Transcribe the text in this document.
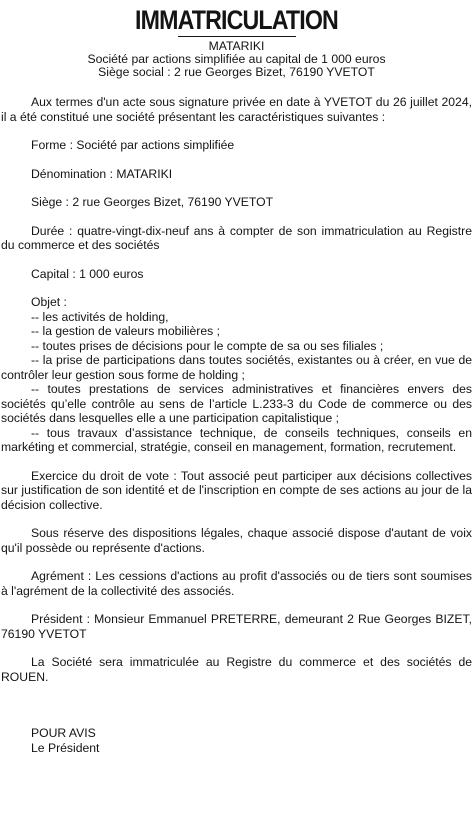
IMMATRICULATION

MATARIKI

Société par actions simplifiée au capital de 1 000 euros

Siège social : 2 rue Georges Bizet, 76190 YVETOT

Aux termes d'un acte sous signature privée en date à YVETOT du 26 juillet 2024, il a été constitué une société présentant les caractéristiques suivantes :

Forme : Société par actions simplifiée

Dénomination : MATARIKI

Siège : 2 rue Georges Bizet, 76190 YVETOT

Durée : quatre-vingt-dix-neuf ans à compter de son immatriculation au Registre du commerce et des sociétés

Capital : 1 000 euros

Objet :

-- les activités de holding,

-- la gestion de valeurs mobilières ;

-- toutes prises de décisions pour le compte de sa ou ses filiales ;

-- la prise de participations dans toutes sociétés, existantes ou à créer, en vue de contrôler leur gestion sous forme de holding ;

-- toutes prestations de services administratives et financières envers des sociétés qu’elle contrôle au sens de l’article L.233-3 du Code de commerce ou des sociétés dans lesquelles elle a une participation capitalistique ;

-- tous travaux d’assistance technique, de conseils techniques, conseils en markéting et commercial, stratégie, conseil en management, formation, recrutement.

Exercice du droit de vote : Tout associé peut participer aux décisions collectives sur justification de son identité et de l'inscription en compte de ses actions au jour de la décision collective.

Sous réserve des dispositions légales, chaque associé dispose d'autant de voix qu'il possède ou représente d'actions.

Agrément : Les cessions d'actions au profit d'associés ou de tiers sont soumises à l'agrément de la collectivité des associés.

Président : Monsieur Emmanuel PRETERRE, demeurant 2 Rue Georges BIZET, 76190 YVETOT

La Société sera immatriculée au Registre du commerce et des sociétés de ROUEN.

POUR AVIS
Le Président
